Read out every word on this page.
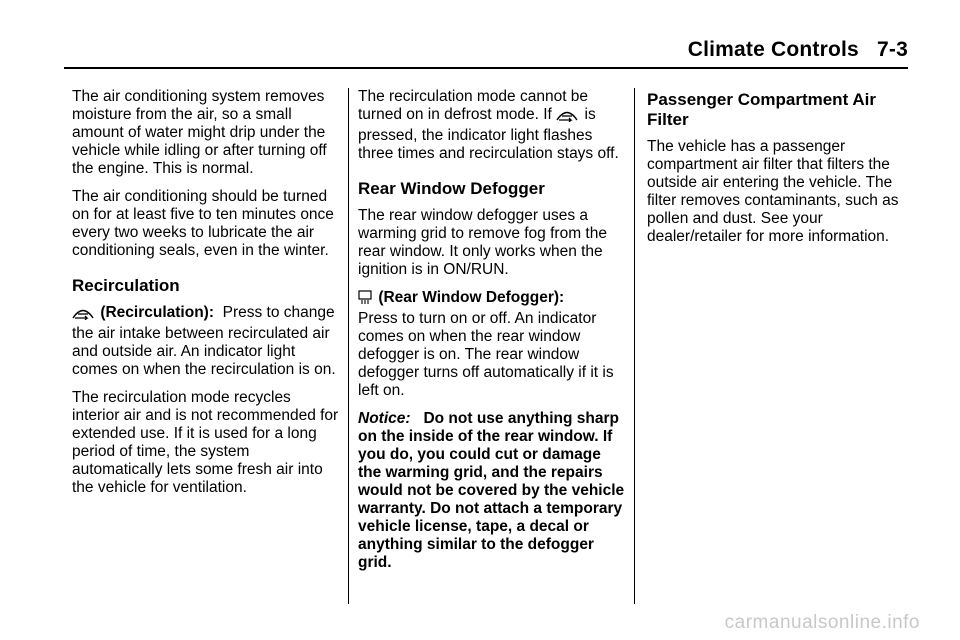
Climate Controls 7-3

The air conditioning system removes moisture from the air, so a small amount of water might drip under the vehicle while idling or after turning off the engine. This is normal.

The air conditioning should be turned on for at least five to ten minutes once every two weeks to lubricate the air conditioning seals, even in the winter.

Recirculation

(Recirculation): Press to change the air intake between recirculated air and outside air. An indicator light comes on when the recirculation is on.

The recirculation mode recycles interior air and is not recommended for extended use. If it is used for a long period of time, the system automatically lets some fresh air into the vehicle for ventilation.

The recirculation mode cannot be turned on in defrost mode. If is pressed, the indicator light flashes three times and recirculation stays off.

Rear Window Defogger

The rear window defogger uses a warming grid to remove fog from the rear window. It only works when the ignition is in ON/RUN.

(Rear Window Defogger):
Press to turn on or off. An indicator comes on when the rear window defogger is on. The rear window defogger turns off automatically if it is left on.

Notice: Do not use anything sharp on the inside of the rear window. If you do, you could cut or damage the warming grid, and the repairs would not be covered by the vehicle warranty. Do not attach a temporary vehicle license, tape, a decal or anything similar to the defogger grid.

Passenger Compartment Air Filter

The vehicle has a passenger compartment air filter that filters the outside air entering the vehicle. The filter removes contaminants, such as pollen and dust. See your dealer/retailer for more information.

carmanualsonline.info
